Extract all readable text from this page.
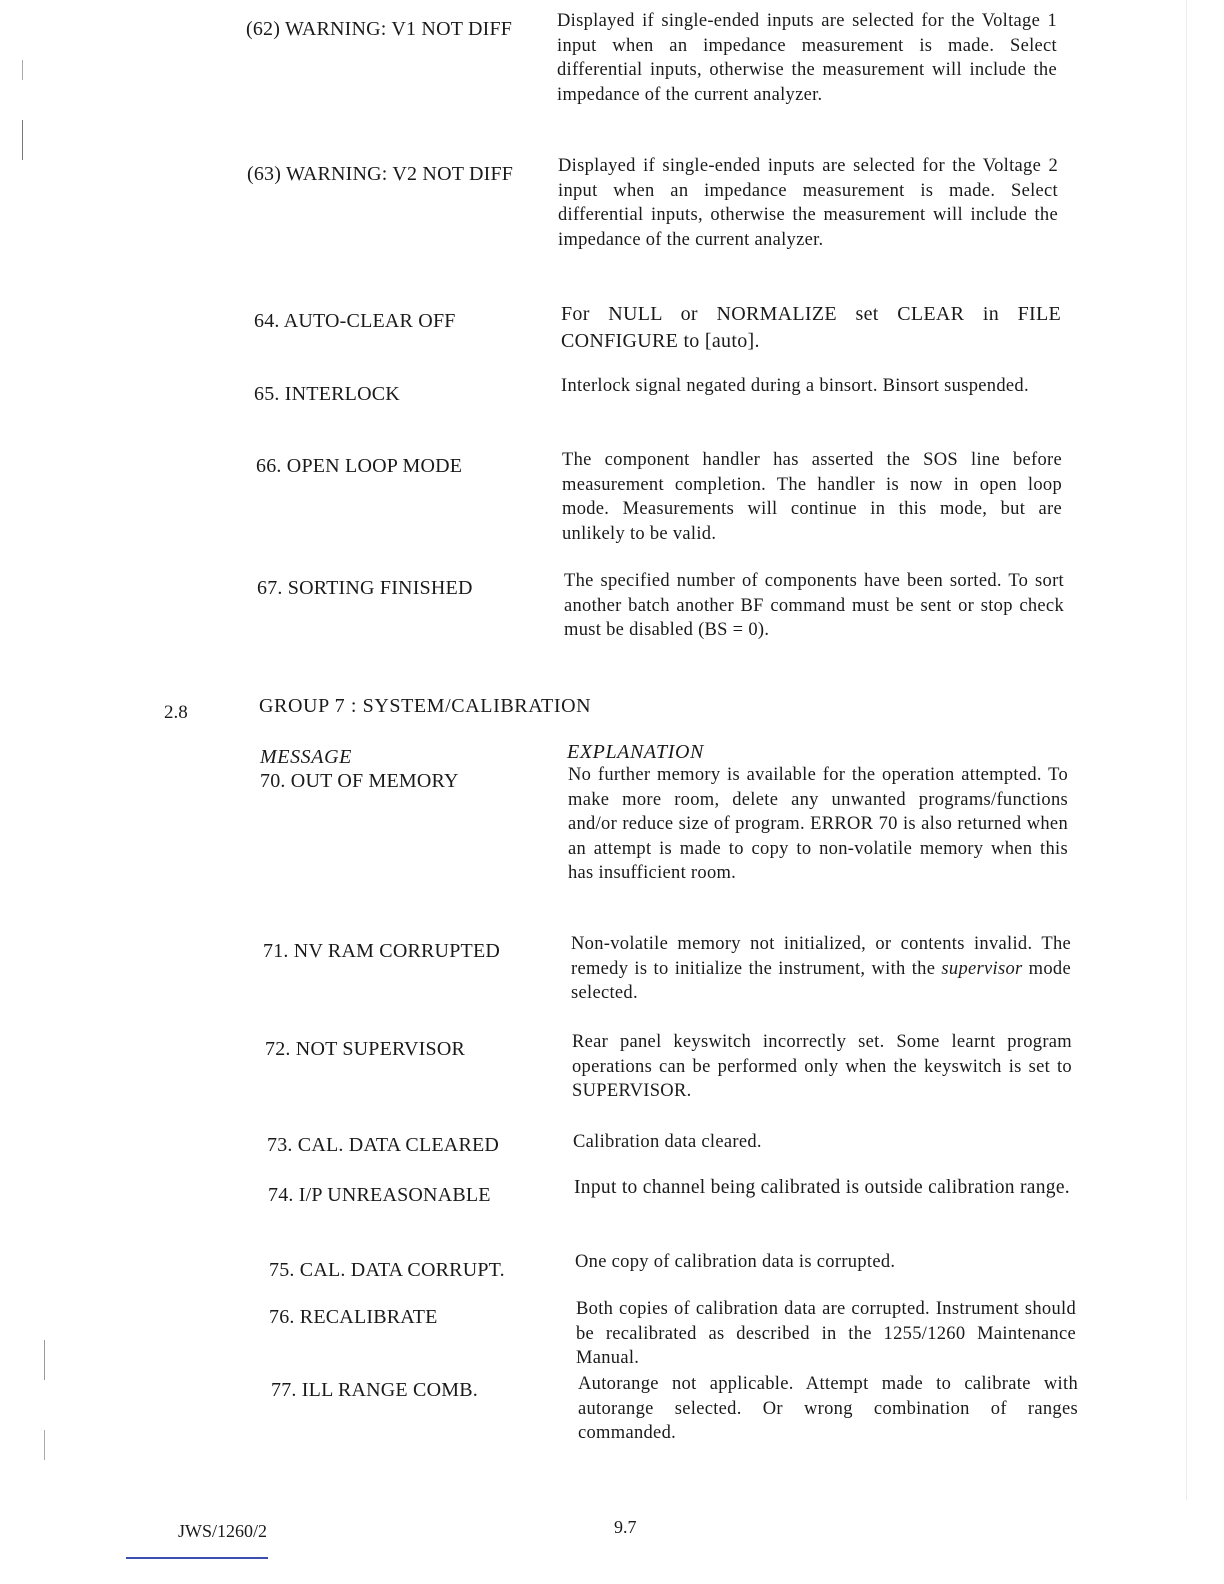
(62) WARNING: V1 NOT DIFF Displayed if single-ended inputs are selected for the Voltage 1 input when an impedance measurement is made. Select differential inputs, otherwise the measurement will include the impedance of the current analyzer.
(63) WARNING: V2 NOT DIFF Displayed if single-ended inputs are selected for the Voltage 2 input when an impedance measurement is made. Select differential inputs, otherwise the measurement will include the impedance of the current analyzer.
64. AUTO-CLEAR OFF	For NULL or NORMALIZE set CLEAR in FILE CONFIGURE to [auto].
65. INTERLOCK	Interlock signal negated during a binsort. Binsort suspended.
66. OPEN LOOP MODE	The component handler has asserted the SOS line before measurement completion. The handler is now in open loop mode. Measurements will continue in this mode, but are unlikely to be valid.
67. SORTING FINISHED	The specified number of components have been sorted. To sort another batch another BF command must be sent or stop check must be disabled (BS = 0).
2.8	GROUP 7 : SYSTEM/CALIBRATION
MESSAGE	EXPLANATION
70. OUT OF MEMORY	No further memory is available for the operation attempted. To make more room, delete any unwanted programs/functions and/or reduce size of program. ERROR 70 is also returned when an attempt is made to copy to non-volatile memory when this has insufficient room.
71. NV RAM CORRUPTED	Non-volatile memory not initialized, or contents invalid. The remedy is to initialize the instrument, with the supervisor mode selected.
72. NOT SUPERVISOR	Rear panel keyswitch incorrectly set. Some learnt program operations can be performed only when the keyswitch is set to SUPERVISOR.
73. CAL. DATA CLEARED	Calibration data cleared.
74. I/P UNREASONABLE	Input to channel being calibrated is outside calibration range.
75. CAL. DATA CORRUPT.	One copy of calibration data is corrupted.
76. RECALIBRATE	Both copies of calibration data are corrupted. Instrument should be recalibrated as described in the 1255/1260 Maintenance Manual.
77. ILL RANGE COMB.	Autorange not applicable. Attempt made to calibrate with autorange selected. Or wrong combination of ranges commanded.
JWS/1260/2	9.7
